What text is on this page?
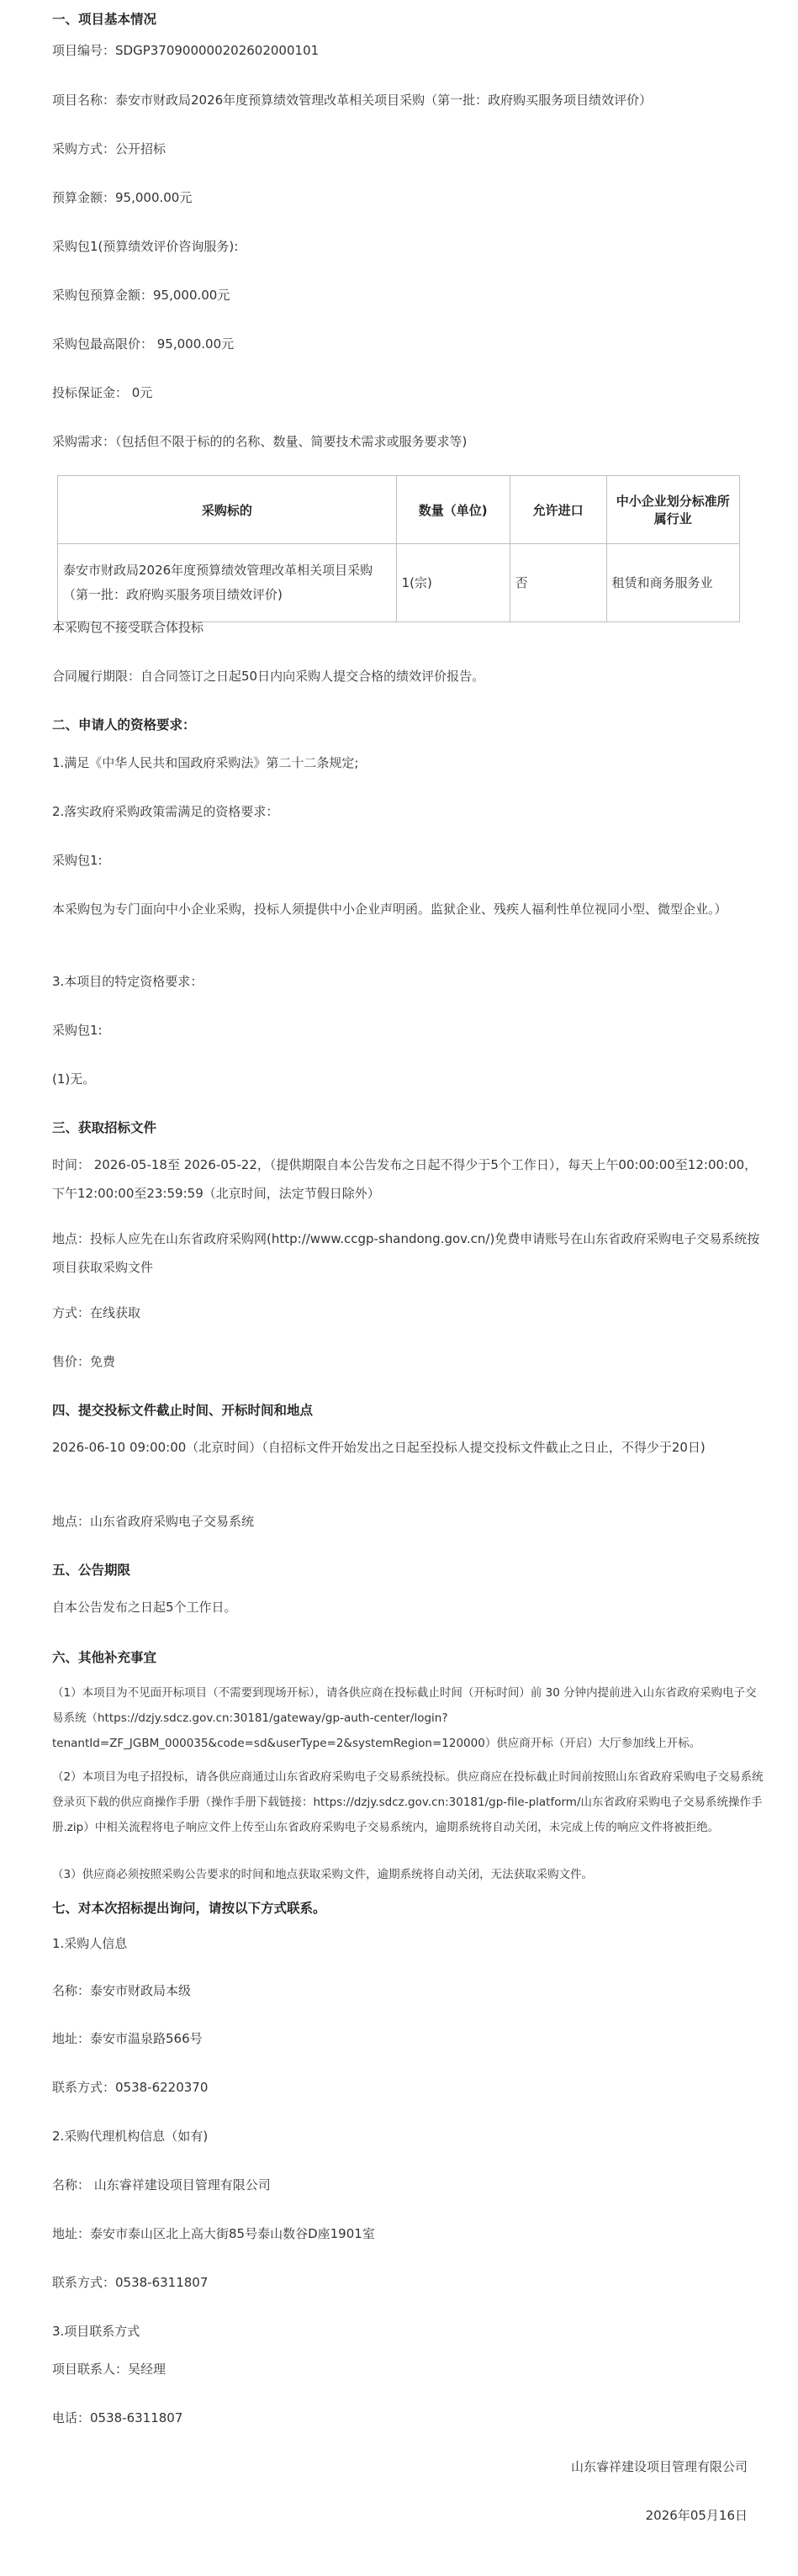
一、项目基本情况
项目编号：SDGP370900000202602000101
项目名称：泰安市财政局2026年度预算绩效管理改革相关项目采购（第一批：政府购买服务项目绩效评价）
采购方式：公开招标
预算金额：95,000.00元
采购包1(预算绩效评价咨询服务):
采购包预算金额：95,000.00元
采购包最高限价： 95,000.00元
投标保证金： 0元
采购需求：（包括但不限于标的的名称、数量、简要技术需求或服务要求等)
采购标的	数量（单位)	允许进口	中小企业划分标准所属行业
泰安市财政局2026年度预算绩效管理改革相关项目采购（第一批：政府购买服务项目绩效评价)	1(宗)	否	租赁和商务服务业
本采购包不接受联合体投标
合同履行期限：自合同签订之日起50日内向采购人提交合格的绩效评价报告。
二、申请人的资格要求：
1.满足《中华人民共和国政府采购法》第二十二条规定;
2.落实政府采购政策需满足的资格要求：
采购包1:
本采购包为专门面向中小企业采购，投标人须提供中小企业声明函。监狱企业、残疾人福利性单位视同小型、微型企业。）
3.本项目的特定资格要求：
采购包1:
(1)无。
三、获取招标文件
时间： 2026-05-18至 2026-05-22，（提供期限自本公告发布之日起不得少于5个工作日），每天上午00:00:00至12:00:00，下午12:00:00至23:59:59（北京时间，法定节假日除外）
地点：投标人应先在山东省政府采购网(http://www.ccgp-shandong.gov.cn/)免费申请账号在山东省政府采购电子交易系统按项目获取采购文件
方式：在线获取
售价：免费
四、提交投标文件截止时间、开标时间和地点
2026-06-10 09:00:00（北京时间）（自招标文件开始发出之日起至投标人提交投标文件截止之日止，不得少于20日)
地点：山东省政府采购电子交易系统
五、公告期限
自本公告发布之日起5个工作日。
六、其他补充事宜
（1）本项目为不见面开标项目（不需要到现场开标），请各供应商在投标截止时间（开标时间）前 30 分钟内提前进入山东省政府采购电子交易系统（https://dzjy.sdcz.gov.cn:30181/gateway/gp-auth-center/login?tenantId=ZF_JGBM_000035&code=sd&userType=2&systemRegion=120000）供应商开标（开启）大厅参加线上开标。
（2）本项目为电子招投标，请各供应商通过山东省政府采购电子交易系统投标。供应商应在投标截止时间前按照山东省政府采购电子交易系统登录页下载的供应商操作手册（操作手册下载链接：https://dzjy.sdcz.gov.cn:30181/gp-file-platform/山东省政府采购电子交易系统操作手册.zip）中相关流程将电子响应文件上传至山东省政府采购电子交易系统内，逾期系统将自动关闭，未完成上传的响应文件将被拒绝。
（3）供应商必须按照采购公告要求的时间和地点获取采购文件，逾期系统将自动关闭，无法获取采购文件。
七、对本次招标提出询问，请按以下方式联系。
1.采购人信息
名称：泰安市财政局本级
地址：泰安市温泉路566号
联系方式：0538-6220370
2.采购代理机构信息（如有)
名称： 山东睿祥建设项目管理有限公司
地址：泰安市泰山区北上高大街85号泰山数谷D座1901室
联系方式：0538-6311807
3.项目联系方式
项目联系人：吴经理
电话：0538-6311807
山东睿祥建设项目管理有限公司
2026年05月16日
